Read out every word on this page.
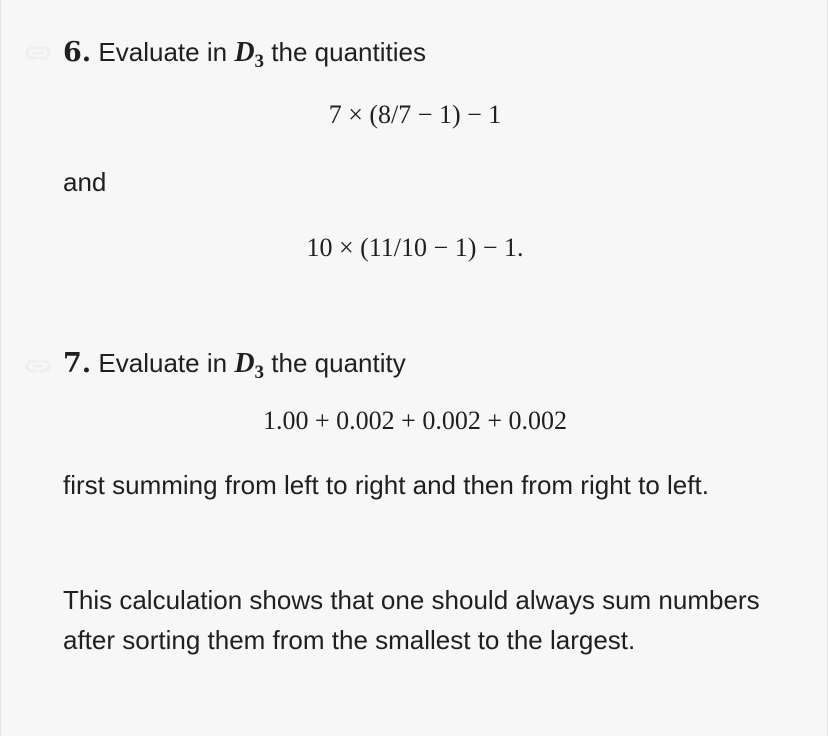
6. Evaluate in $D_3$ the quantities
7 × (8/7 − 1) − 1
and
10 × (11/10 − 1) − 1.
7. Evaluate in $D_3$ the quantity
1.00 + 0.002 + 0.002 + 0.002
first summing from left to right and then from right to left.
This calculation shows that one should always sum numbers after sorting them from the smallest to the largest.
